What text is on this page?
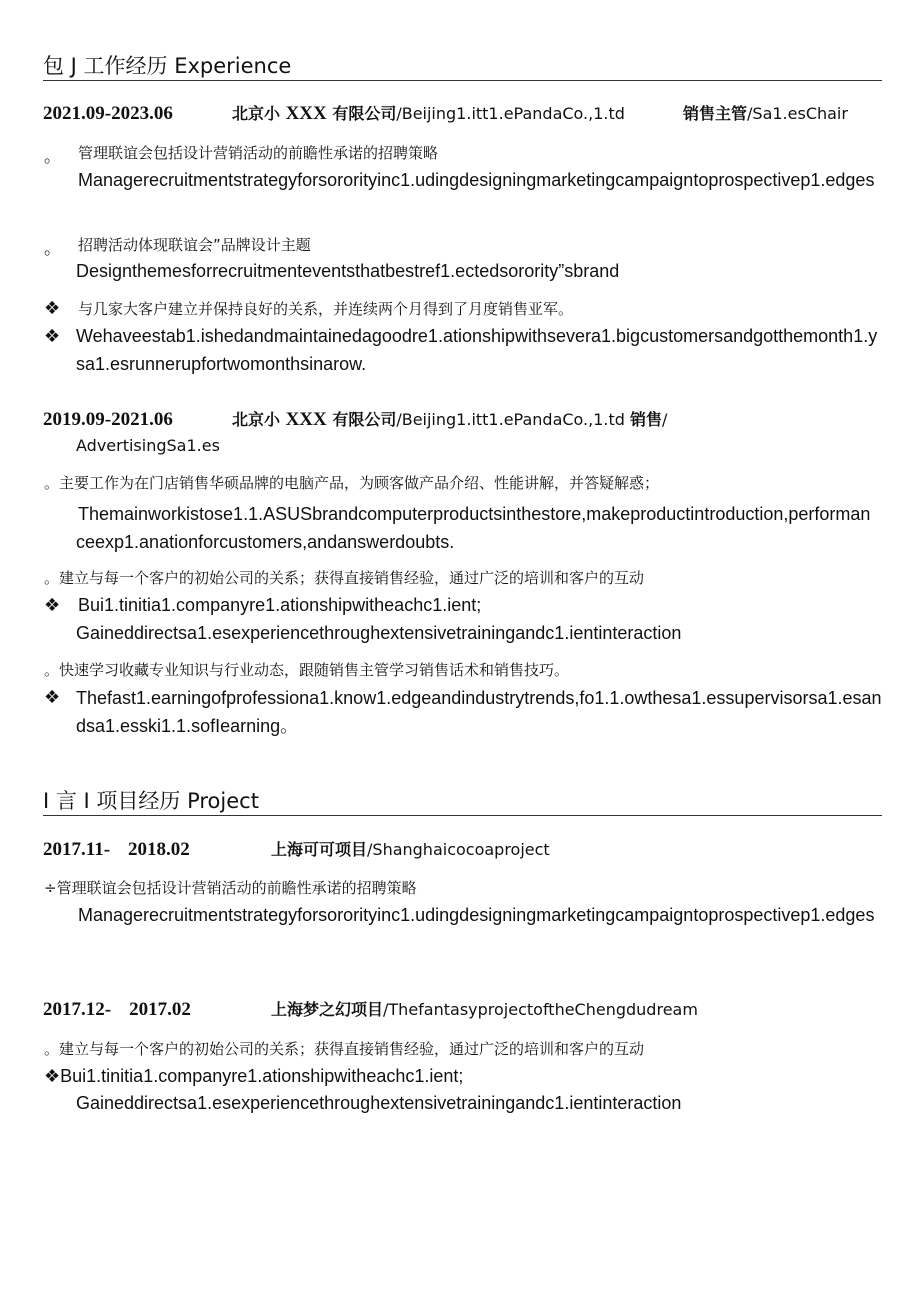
包 J 工作经历 Experience
2021.09-2023.06	北京小 XXX 有限公司/Beijing1.itt1.ePandaCo.,1.td	销售主管/Sa1.esChair
。 管理联谊会包括设计营销活动的前瞻性承诺的招聘策略
Managerecruitmentstrategyforsororityinc1.udingdesigningmarketingcampaigntoprospectivep1.edges
。 招聘活动体现联谊会”品牌设计主题
Designthemesforrecruitmenteventsthatbestref1.ectedsorority”sbrand
❖ 与几家大客户建立并保持良好的关系，并连续两个月得到了月度销售亚军。
❖ Wehaveestab1.ishedandmaintainedagoodre1.ationshipwithsevera1.bigcustomersandgotthemonth1.ysa1.esrunnerupfortwomonthsinarow.
2019.09-2021.06	北京小 XXX 有限公司/Beijing1.itt1.ePandaCo.,1.td 销售/
AdvertisingSa1.es
。主要工作为在门店销售华硕品牌的电脑产品，为顾客做产品介绍、性能讲解，并答疑解惑；
Themainworkistose1.1.ASUSbrandcomputerproductsinthestore,makeproductintroduction,performanceexp1.anationforcustomers,andanswerdoubts.
。建立与每一个客户的初始公司的关系；获得直接销售经验，通过广泛的培训和客户的互动
❖ Bui1.tinitia1.companyre1.ationshipwitheachc1.ient;
Gaineddirectsa1.esexperiencethroughextensivetrainingandc1.ientinteraction
。快速学习收藏专业知识与行业动态，跟随销售主管学习销售话术和销售技巧。
❖ Thefast1.earningofprofessiona1.know1.edgeandindustrytrends,fo1.1.owthesa1.essupervisorsa1.esandsa1.esski1.1.sofIearning。
I 言 I 项目经历 Project
2017.11- 2018.02	上海可可项目/Shanghaicocoaproject
÷管理联谊会包括设计营销活动的前瞻性承诺的招聘策略
Managerecruitmentstrategyforsororityinc1.udingdesigningmarketingcampaigntoprospectivep1.edges
2017.12- 2017.02	上海梦之幻项目/ThefantasyprojectoftheChengdudream
。建立与每一个客户的初始公司的关系；获得直接销售经验，通过广泛的培训和客户的互动
❖Bui1.tinitia1.companyre1.ationshipwitheachc1.ient;
Gaineddirectsa1.esexperiencethroughextensivetrainingandc1.ientinteraction
